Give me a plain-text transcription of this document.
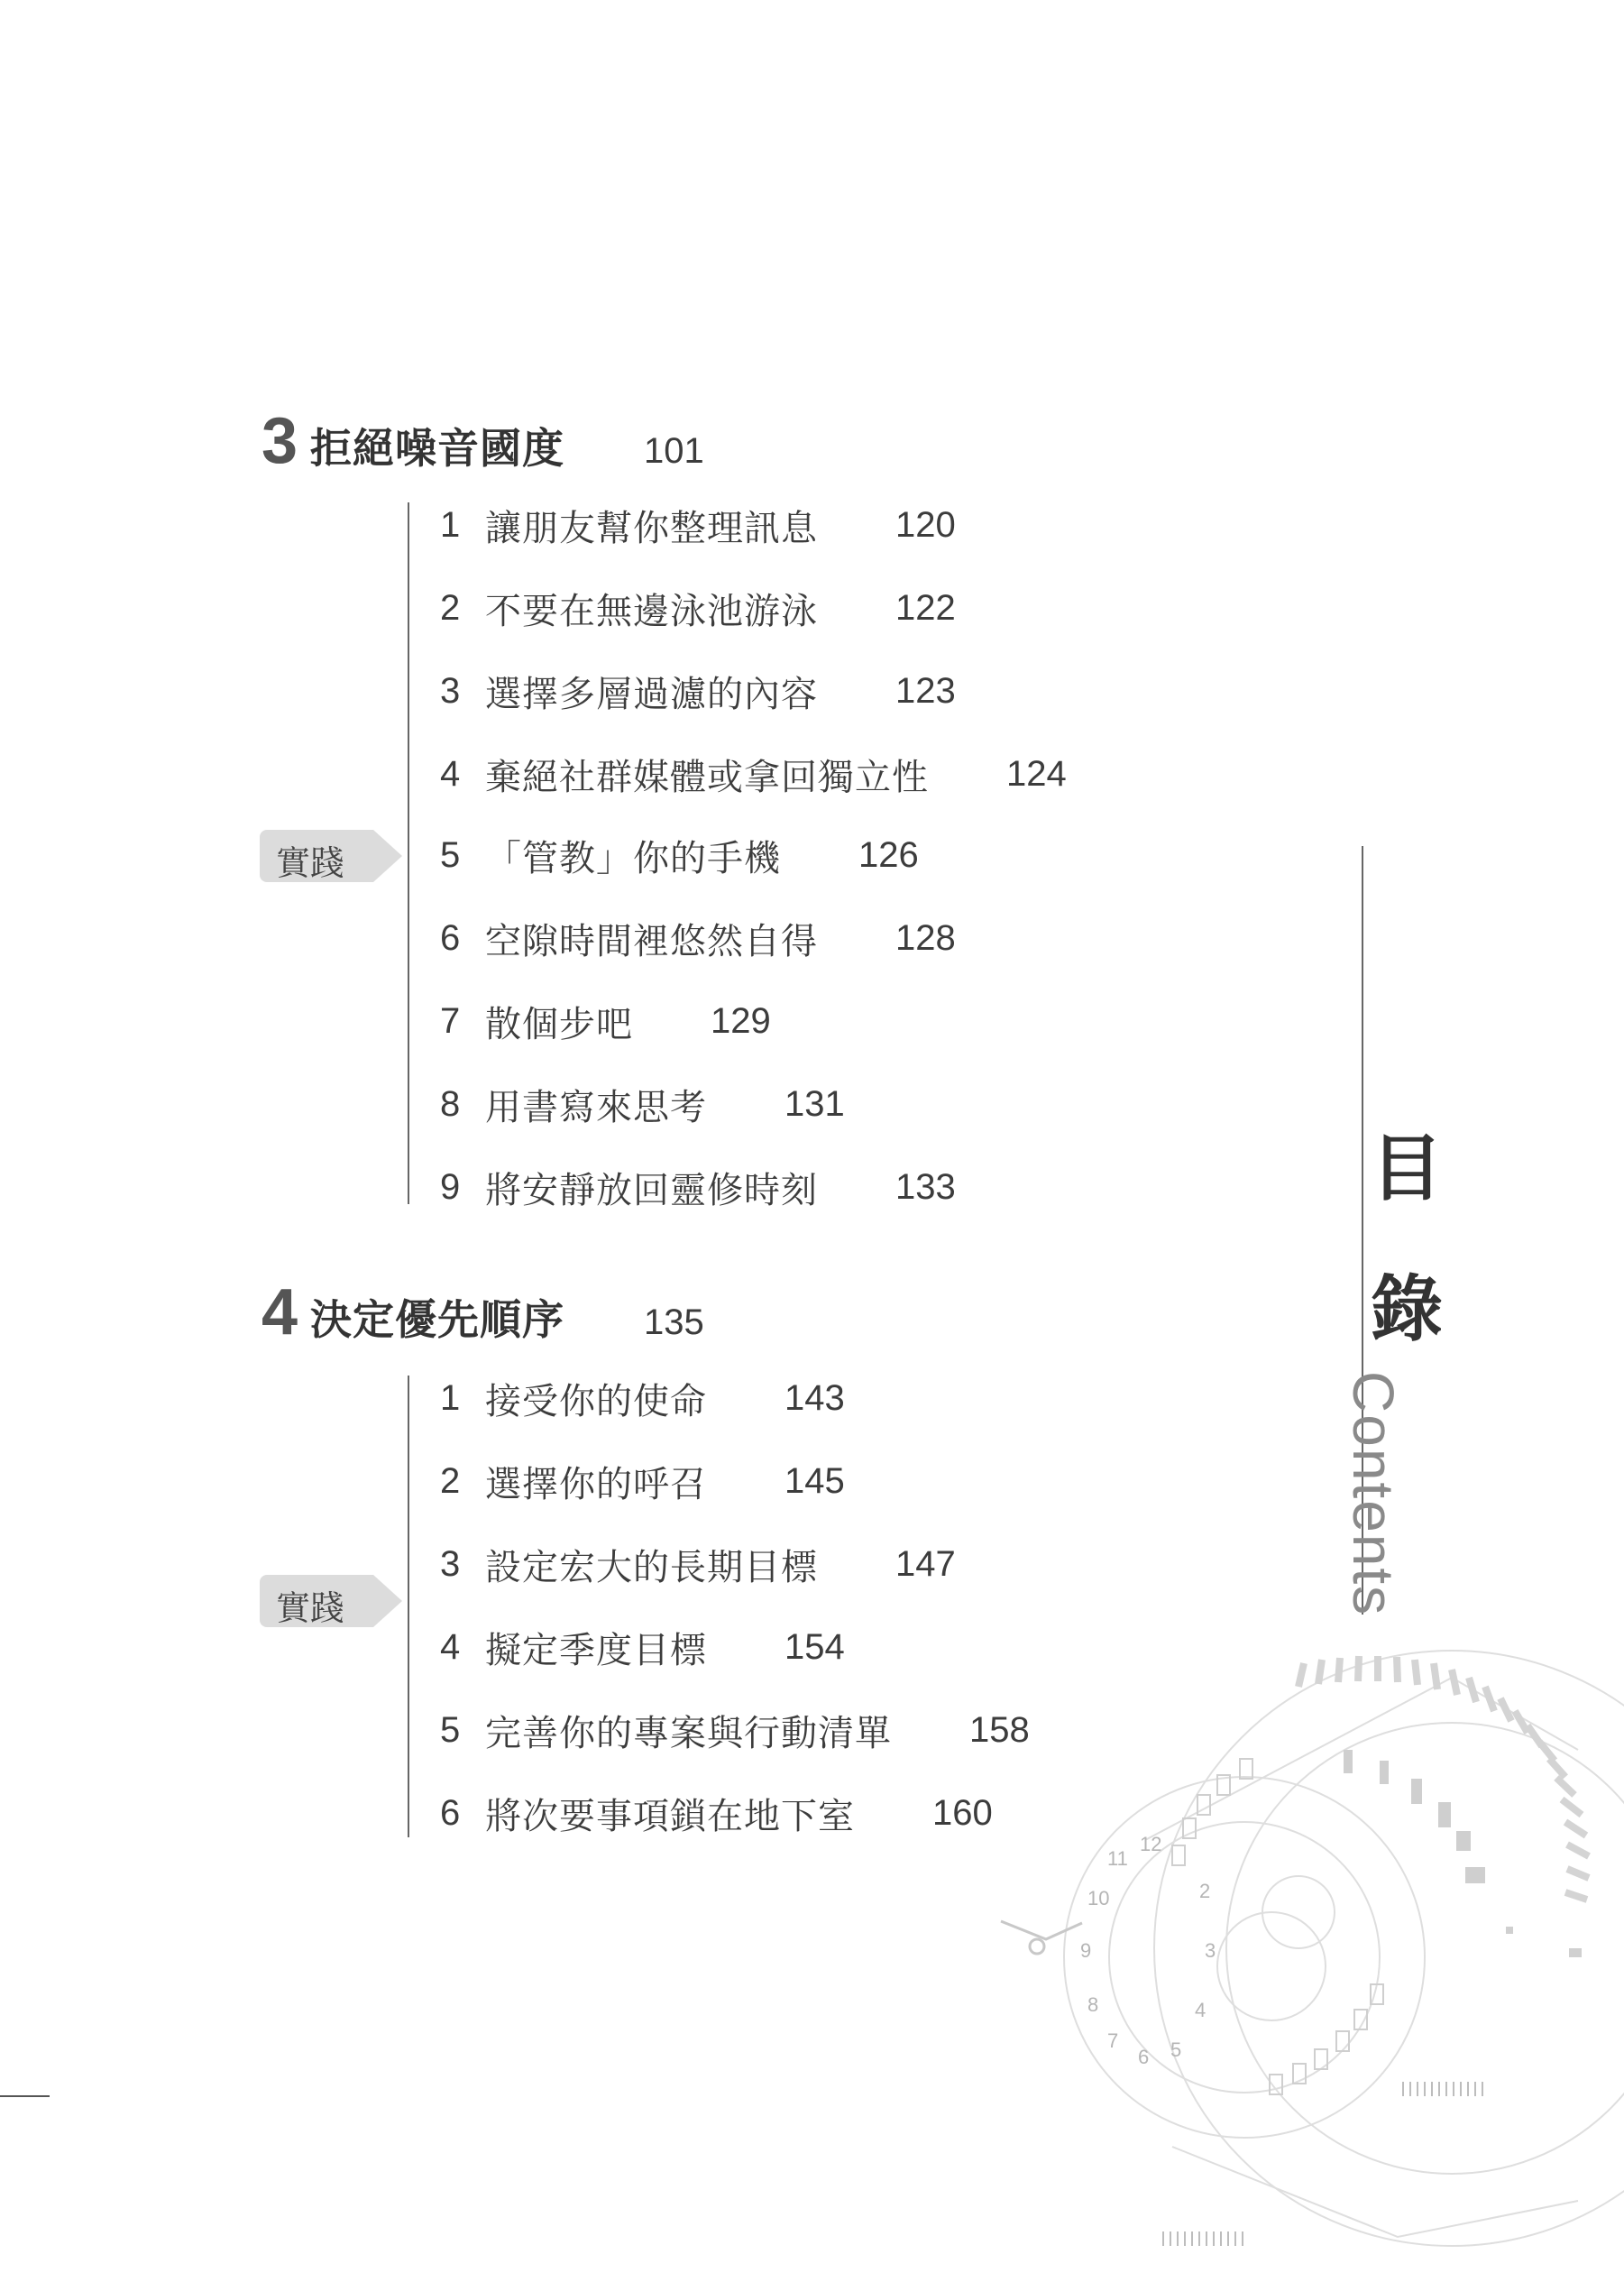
3 拒絕噪音國度 101
實踐
1 讓朋友幫你整理訊息 120
2 不要在無邊泳池游泳 122
3 選擇多層過濾的內容 123
4 棄絕社群媒體或拿回獨立性 124
5 「管教」你的手機 126
6 空隙時間裡悠然自得 128
7 散個步吧 129
8 用書寫來思考 131
9 將安靜放回靈修時刻 133
4 決定優先順序 135
實踐
1 接受你的使命 143
2 選擇你的呼召 145
3 設定宏大的長期目標 147
4 擬定季度目標 154
5 完善你的專案與行動清單 158
6 將次要事項鎖在地下室 160
目
錄
Contents
12
11
10
9
8
7
6 5
4
3
2
